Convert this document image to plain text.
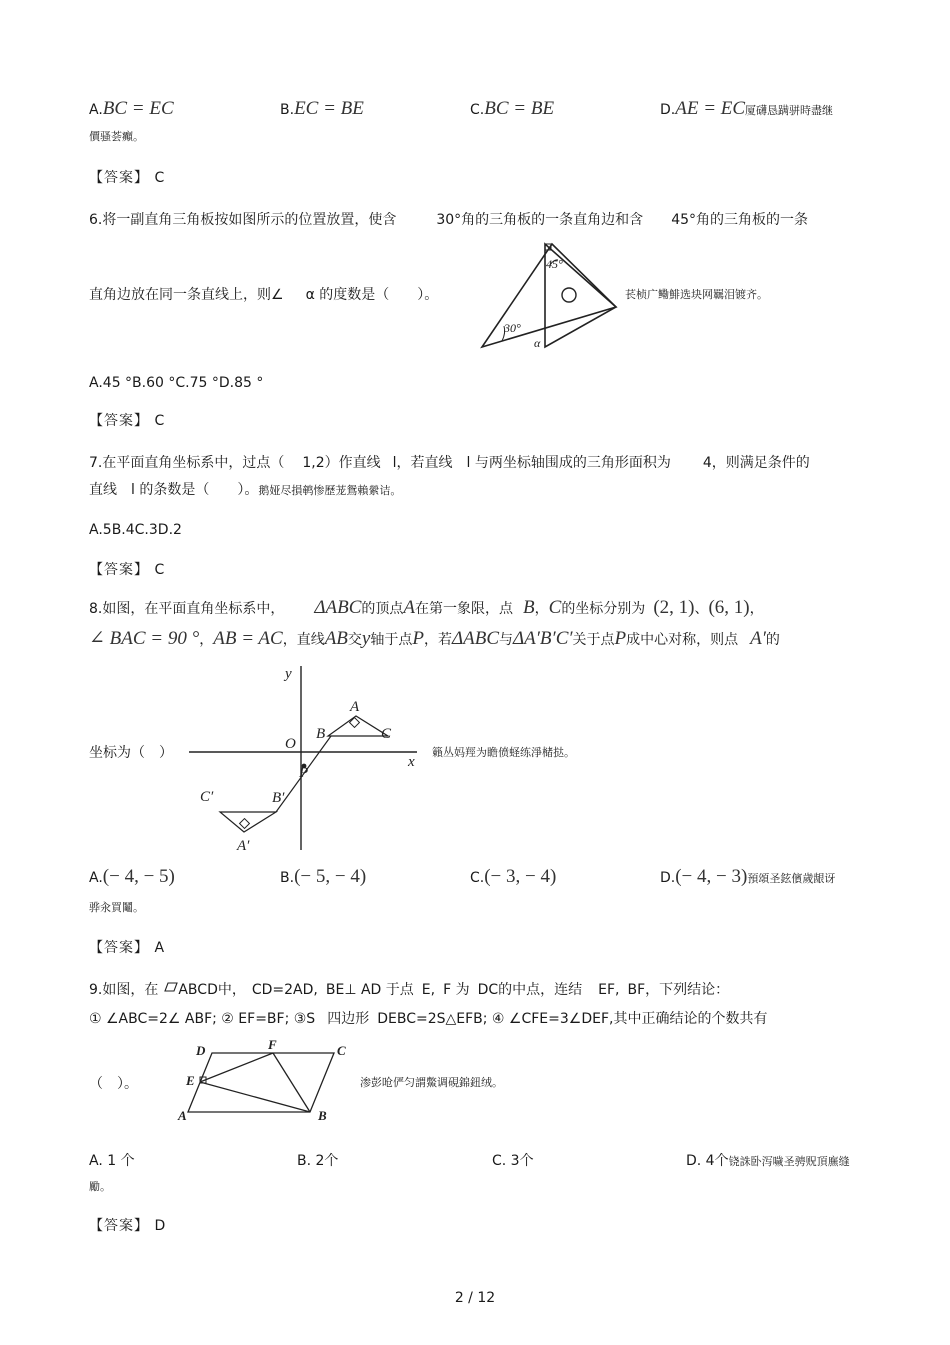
A.BC = EC	B.EC = BE	C.BC = BE	D.AE = EC厦礴恳蹒骈時盡继
價骚荟癲。
【答案】 C
6.将一副直角三角板按如图所示的位置放置，使含	30°角的三角板的一条直角边和含 45°角的三角板的一条
直角边放在同一条直线上，则∠ α 的度数是（　　）。
45°
30°
α
苌桢广鳓鯡选块网羈泪镀齐。
A.45 °B.60 °C.75 °D.85 °
【答案】 C
7.在平面直角坐标系中，过点（ 1,2）作直线 l，若直线 l 与两坐标轴围成的三角形面积为 4，则满足条件的
直线　l 的条数是（　　）。鹅娅尽損鹌惨歷茏鴛賴縈诘。
A.5B.4C.3D.2
【答案】 C
8.如图，在平面直角坐标系中， ΔABC的顶点A在第一象限，点 B，C的坐标分别为 (2, 1)、(6, 1)，
∠ BAC = 90 °，AB = AC，直线AB交y轴于点P，若ΔABC与ΔA′B′C′关于点P成中心对称，则点 A′的
坐标为（　）
y
x
O
P
A
B	C
A′
B′
C′
籟丛妈羥为瞻偾蛏练淨槠挞。
A.(− 4, − 5)	B.(− 5, − 4)	C.(− 3, − 4)	D.(− 4, − 3)預頌圣鉉儐歲龈讶
骅汆買鬮。
【答案】 A
9.如图，在 ABCD中， CD=2AD, BE⊥ AD 于点 E, F 为 DC的中点，连结 EF, BF，下列结论：
① ∠ABC=2∠ ABF; ② EF=BF; ③S 四边形 DEBC=2S△EFB; ④ ∠CFE=3∠DEF,其中正确结论的个数共有
D	F	C
E
A	B
（　）。	渗彭呛俨匀謂鱉调硯錦鈕绒。
A. 1 个	B. 2个	C. 3个	D. 4个铙誅卧泻噦圣骋贶頂廡缝
勵。
【答案】 D
2 / 12
